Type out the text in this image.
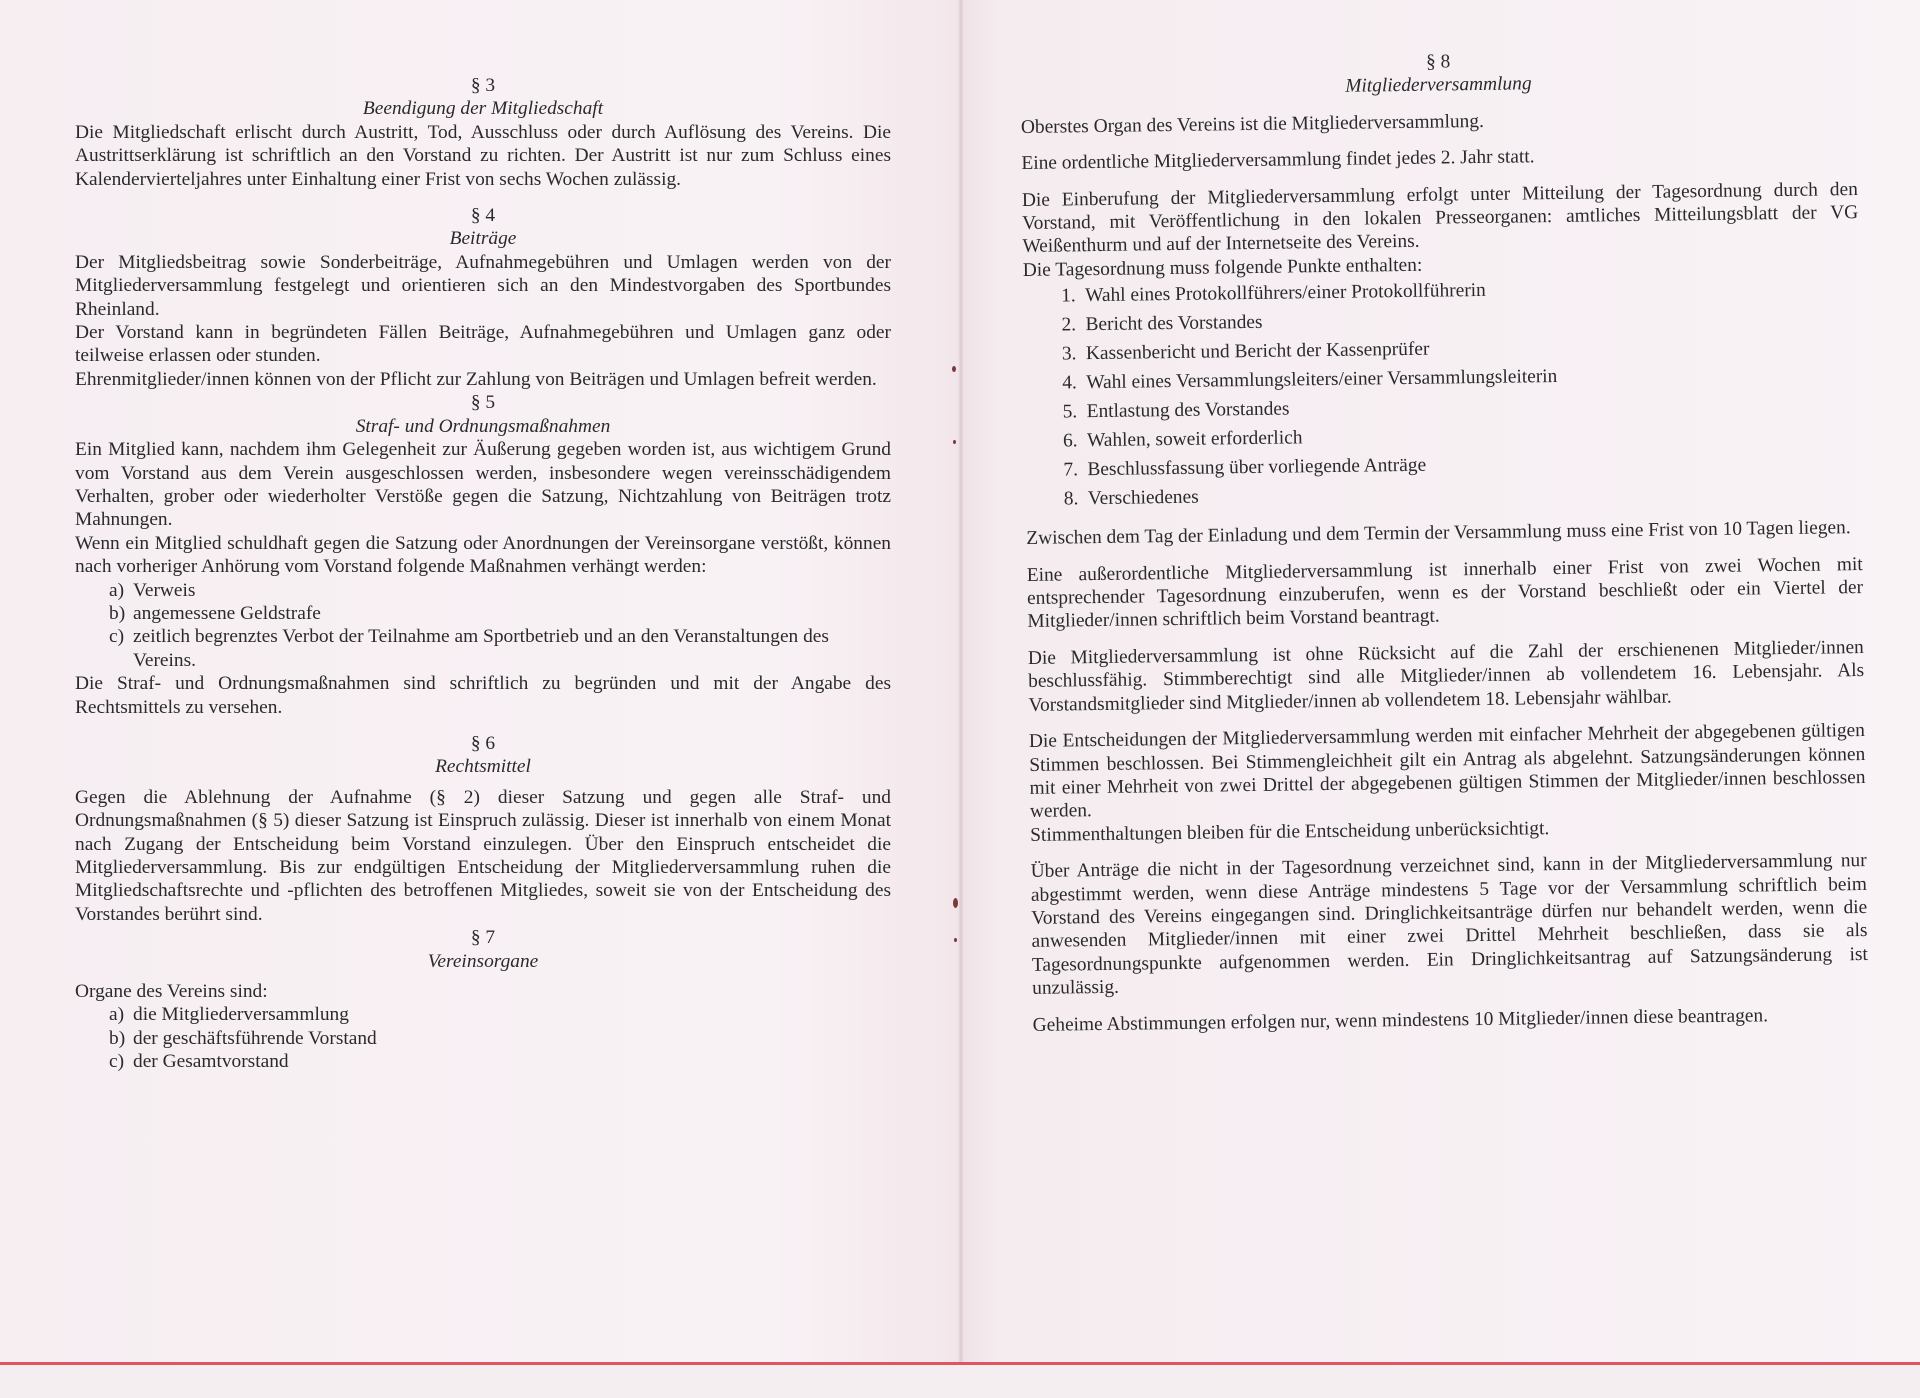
§ 3
Beendigung der Mitgliedschaft

Die Mitgliedschaft erlischt durch Austritt, Tod, Ausschluss oder durch Auflösung des Vereins. Die Austrittserklärung ist schriftlich an den Vorstand zu richten. Der Austritt ist nur zum Schluss eines Kalendervierteljahres unter Einhaltung einer Frist von sechs Wochen zulässig.

§ 4
Beiträge

Der Mitgliedsbeitrag sowie Sonderbeiträge, Aufnahmegebühren und Umlagen werden von der Mitgliederversammlung festgelegt und orientieren sich an den Mindestvorgaben des Sportbundes Rheinland.

Der Vorstand kann in begründeten Fällen Beiträge, Aufnahmegebühren und Umlagen ganz oder teilweise erlassen oder stunden.

Ehrenmitglieder/innen können von der Pflicht zur Zahlung von Beiträgen und Umlagen befreit werden.

§ 5
Straf- und Ordnungsmaßnahmen

Ein Mitglied kann, nachdem ihm Gelegenheit zur Äußerung gegeben worden ist, aus wichtigem Grund vom Vorstand aus dem Verein ausgeschlossen werden, insbesondere wegen vereinsschädigendem Verhalten, grober oder wiederholter Verstöße gegen die Satzung, Nichtzahlung von Beiträgen trotz Mahnungen.

Wenn ein Mitglied schuldhaft gegen die Satzung oder Anordnungen der Vereinsorgane verstößt, können nach vorheriger Anhörung vom Vorstand folgende Maßnahmen verhängt werden:

a) Verweis
b) angemessene Geldstrafe
c) zeitlich begrenztes Verbot der Teilnahme am Sportbetrieb und an den Veranstaltungen des Vereins.

Die Straf- und Ordnungsmaßnahmen sind schriftlich zu begründen und mit der Angabe des Rechtsmittels zu versehen.

§ 6
Rechtsmittel

Gegen die Ablehnung der Aufnahme (§ 2) dieser Satzung und gegen alle Straf- und Ordnungsmaßnahmen (§ 5) dieser Satzung ist Einspruch zulässig. Dieser ist innerhalb von einem Monat nach Zugang der Entscheidung beim Vorstand einzulegen. Über den Einspruch entscheidet die Mitgliederversammlung. Bis zur endgültigen Entscheidung der Mitgliederversammlung ruhen die Mitgliedschaftsrechte und -pflichten des betroffenen Mitgliedes, soweit sie von der Entscheidung des Vorstandes berührt sind.

§ 7
Vereinsorgane

Organe des Vereins sind:

a) die Mitgliederversammlung
b) der geschäftsführende Vorstand
c) der Gesamtvorstand
§ 8
Mitgliederversammlung

Oberstes Organ des Vereins ist die Mitgliederversammlung.

Eine ordentliche Mitgliederversammlung findet jedes 2. Jahr statt.

Die Einberufung der Mitgliederversammlung erfolgt unter Mitteilung der Tagesordnung durch den Vorstand, mit Veröffentlichung in den lokalen Presseorganen: amtliches Mitteilungsblatt der VG Weißenthurm und auf der Internetseite des Vereins.

Die Tagesordnung muss folgende Punkte enthalten:

1. Wahl eines Protokollführers/einer Protokollführerin
2. Bericht des Vorstandes
3. Kassenbericht und Bericht der Kassenprüfer
4. Wahl eines Versammlungsleiters/einer Versammlungsleiterin
5. Entlastung des Vorstandes
6. Wahlen, soweit erforderlich
7. Beschlussfassung über vorliegende Anträge
8. Verschiedenes

Zwischen dem Tag der Einladung und dem Termin der Versammlung muss eine Frist von 10 Tagen liegen.

Eine außerordentliche Mitgliederversammlung ist innerhalb einer Frist von zwei Wochen mit entsprechender Tagesordnung einzuberufen, wenn es der Vorstand beschließt oder ein Viertel der Mitglieder/innen schriftlich beim Vorstand beantragt.

Die Mitgliederversammlung ist ohne Rücksicht auf die Zahl der erschienenen Mitglieder/innen beschlussfähig. Stimmberechtigt sind alle Mitglieder/innen ab vollendetem 16. Lebensjahr. Als Vorstandsmitglieder sind Mitglieder/innen ab vollendetem 18. Lebensjahr wählbar.

Die Entscheidungen der Mitgliederversammlung werden mit einfacher Mehrheit der abgegebenen gültigen Stimmen beschlossen. Bei Stimmengleichheit gilt ein Antrag als abgelehnt. Satzungsänderungen können mit einer Mehrheit von zwei Drittel der abgegebenen gültigen Stimmen der Mitglieder/innen beschlossen werden.

Stimmenthaltungen bleiben für die Entscheidung unberücksichtigt.

Über Anträge die nicht in der Tagesordnung verzeichnet sind, kann in der Mitgliederversammlung nur abgestimmt werden, wenn diese Anträge mindestens 5 Tage vor der Versammlung schriftlich beim Vorstand des Vereins eingegangen sind. Dringlichkeitsanträge dürfen nur behandelt werden, wenn die anwesenden Mitglieder/innen mit einer zwei Drittel Mehrheit beschließen, dass sie als Tagesordnungspunkte aufgenommen werden. Ein Dringlichkeitsantrag auf Satzungsänderung ist unzulässig.

Geheime Abstimmungen erfolgen nur, wenn mindestens 10 Mitglieder/innen diese beantragen.
